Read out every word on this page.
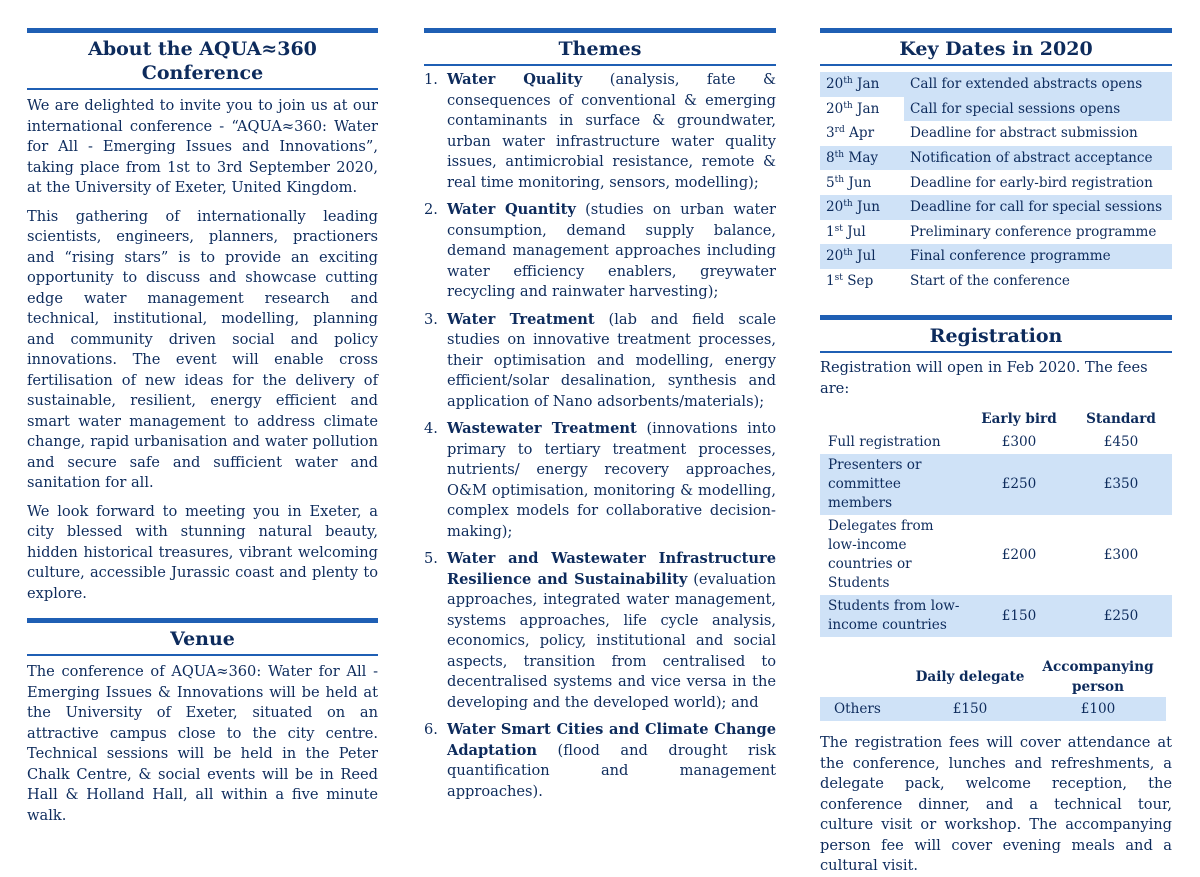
About the AQUA≈360 Conference

We are delighted to invite you to join us at our international conference - “AQUA≈360: Water for All - Emerging Issues and Innovations”, taking place from 1st to 3rd September 2020, at the University of Exeter, United Kingdom.

This gathering of internationally leading scientists, engineers, planners, practioners and “rising stars” is to provide an exciting opportunity to discuss and showcase cutting edge water management research and technical, institutional, modelling, planning and community driven social and policy innovations. The event will enable cross fertilisation of new ideas for the delivery of sustainable, resilient, energy efficient and smart water management to address climate change, rapid urbanisation and water pollution and secure safe and sufficient water and sanitation for all.

We look forward to meeting you in Exeter, a city blessed with stunning natural beauty, hidden historical treasures, vibrant welcoming culture, accessible Jurassic coast and plenty to explore.

Venue

The conference of AQUA≈360: Water for All - Emerging Issues & Innovations will be held at the University of Exeter, situated on an attractive campus close to the city centre. Technical sessions will be held in the Peter Chalk Centre, & social events will be in Reed Hall & Holland Hall, all within a five minute walk.

Themes
1. Water Quality (analysis, fate & consequences of conventional & emerging contaminants in surface & groundwater, urban water infrastructure water quality issues, antimicrobial resistance, remote & real time monitoring, sensors, modelling);
2. Water Quantity (studies on urban water consumption, demand supply balance, demand management approaches including water efficiency enablers, greywater recycling and rainwater harvesting);
3. Water Treatment (lab and field scale studies on innovative treatment processes, their optimisation and modelling, energy efficient/solar desalination, synthesis and application of Nano adsorbents/materials);
4. Wastewater Treatment (innovations into primary to tertiary treatment processes, nutrients/ energy recovery approaches, O&M optimisation, monitoring & modelling, complex models for collaborative decision-making);
5. Water and Wastewater Infrastructure Resilience and Sustainability (evaluation approaches, integrated water management, systems approaches, life cycle analysis, economics, policy, institutional and social aspects, transition from centralised to decentralised systems and vice versa in the developing and the developed world); and
6. Water Smart Cities and Climate Change Adaptation (flood and drought risk quantification and management approaches).
Key Dates in 2020
20th Jan	Call for extended abstracts opens
20th Jan	Call for special sessions opens
3rd Apr	Deadline for abstract submission
8th May	Notification of abstract acceptance
5th Jun	Deadline for early-bird registration
20th Jun	Deadline for call for special sessions
1st Jul	Preliminary conference programme
20th Jul	Final conference programme
1st Sep	Start of the conference
Registration

Registration will open in Feb 2020. The fees are:

	Early bird	Standard
Full registration	£300	£450
Presenters or committee members	£250	£350
Delegates from low-income countries or Students	£200	£300
Students from low-income countries	£150	£250
	Daily delegate	Accompanying person
Others	£150	£100

The registration fees will cover attendance at the conference, lunches and refreshments, a delegate pack, welcome reception, the conference dinner, and a technical tour, culture visit or workshop. The accompanying person fee will cover evening meals and a cultural visit.
